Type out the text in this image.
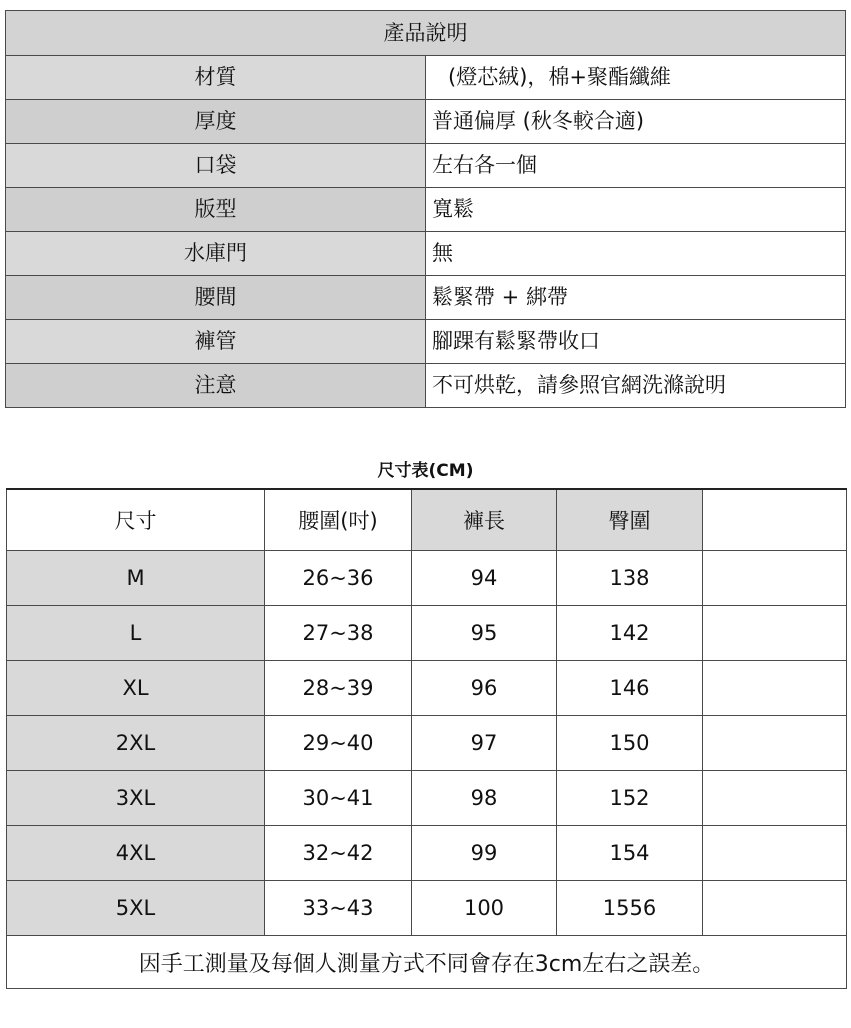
產品說明	
材質	(燈芯絨)，棉+聚酯纖維
厚度	普通偏厚 (秋冬較合適)
口袋	左右各一個
版型	寬鬆
水庫門	無
腰間	鬆緊帶 + 綁帶
褲管	腳踝有鬆緊帶收口
注意	不可烘乾，請參照官網洗滌說明
尺寸表(CM)
尺寸	腰圍(吋)	褲長	臀圍	
M	26~36	94	138	
L	27~38	95	142	
XL	28~39	96	146	
2XL	29~40	97	150	
3XL	30~41	98	152	
4XL	32~42	99	154	
5XL	33~43	100	1556	
因手工測量及每個人測量方式不同會存在3cm左右之誤差。				
